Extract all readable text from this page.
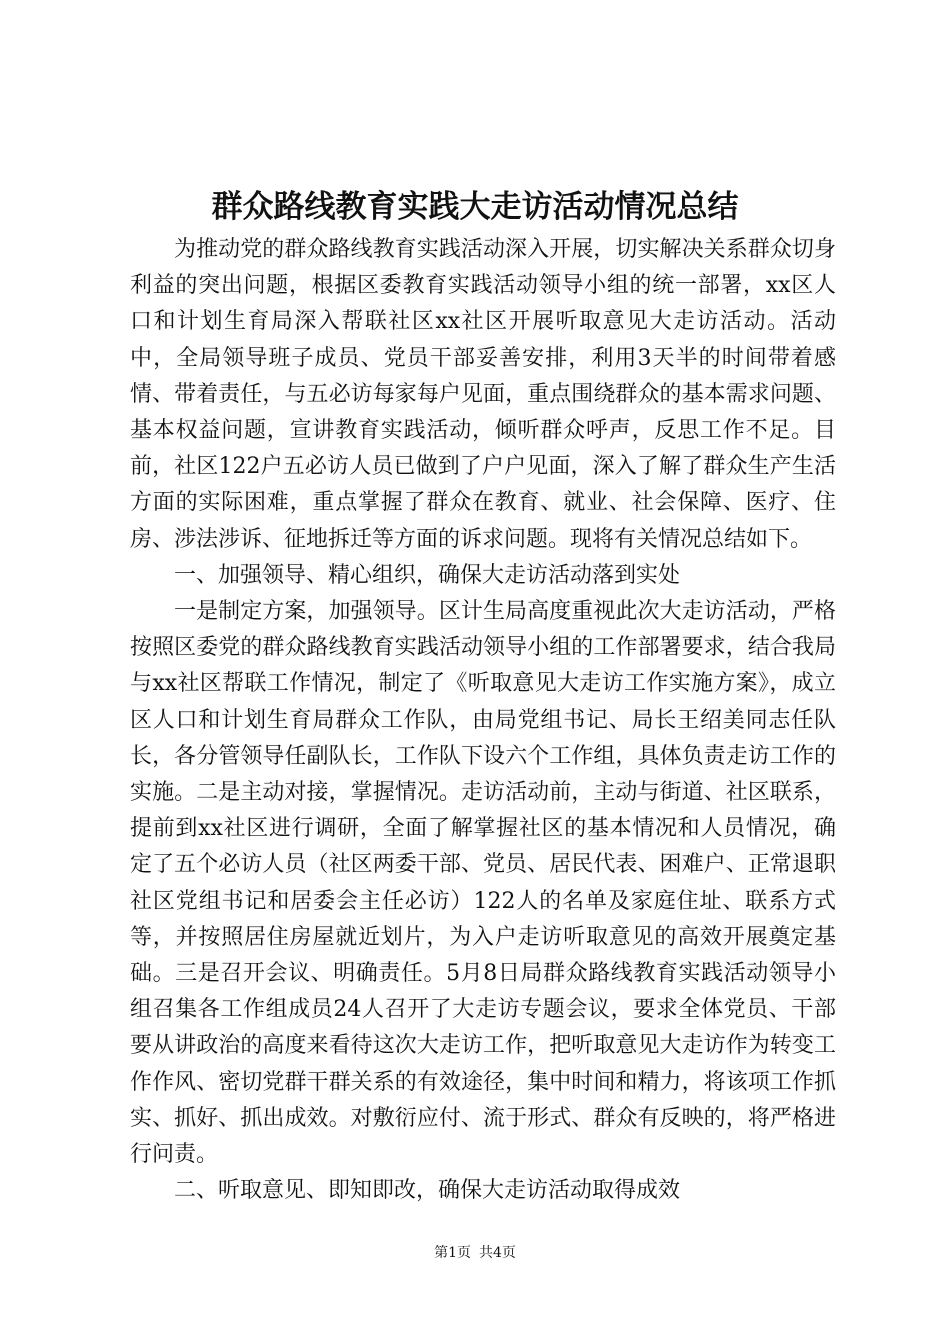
群众路线教育实践大走访活动情况总结

为推动党的群众路线教育实践活动深入开展，切实解决关系群众切身利益的突出问题，根据区委教育实践活动领导小组的统一部署，xx区人口和计划生育局深入帮联社区xx社区开展听取意见大走访活动。活动中，全局领导班子成员、党员干部妥善安排，利用3天半的时间带着感情、带着责任，与五必访每家每户见面，重点围绕群众的基本需求问题、基本权益问题，宣讲教育实践活动，倾听群众呼声，反思工作不足。目前，社区122户五必访人员已做到了户户见面，深入了解了群众生产生活方面的实际困难，重点掌握了群众在教育、就业、社会保障、医疗、住房、涉法涉诉、征地拆迁等方面的诉求问题。现将有关情况总结如下。

一、加强领导、精心组织，确保大走访活动落到实处

一是制定方案，加强领导。区计生局高度重视此次大走访活动，严格按照区委党的群众路线教育实践活动领导小组的工作部署要求，结合我局与xx社区帮联工作情况，制定了《听取意见大走访工作实施方案》，成立区人口和计划生育局群众工作队，由局党组书记、局长王绍美同志任队长，各分管领导任副队长，工作队下设六个工作组，具体负责走访工作的实施。二是主动对接，掌握情况。走访活动前，主动与街道、社区联系，提前到xx社区进行调研，全面了解掌握社区的基本情况和人员情况，确定了五个必访人员（社区两委干部、党员、居民代表、困难户、正常退职社区党组书记和居委会主任必访）122人的名单及家庭住址、联系方式等，并按照居住房屋就近划片，为入户走访听取意见的高效开展奠定基础。三是召开会议、明确责任。5月8日局群众路线教育实践活动领导小组召集各工作组成员24人召开了大走访专题会议，要求全体党员、干部要从讲政治的高度来看待这次大走访工作，把听取意见大走访作为转变工作作风、密切党群干群关系的有效途径，集中时间和精力，将该项工作抓实、抓好、抓出成效。对敷衍应付、流于形式、群众有反映的，将严格进行问责。

二、听取意见、即知即改，确保大走访活动取得成效

第1页 共4页
